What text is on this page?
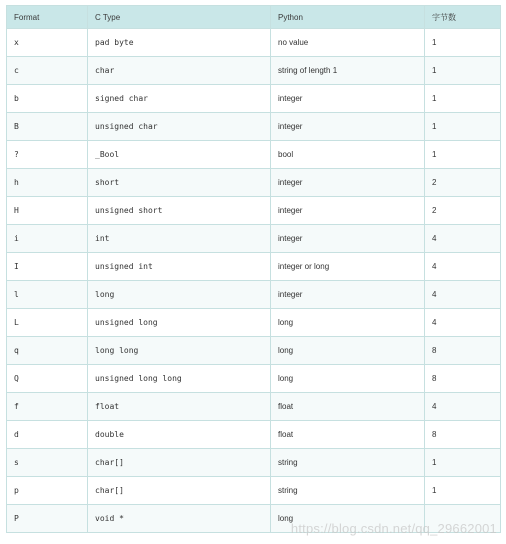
Format	C Type	Python	字节数
x	pad byte	no value	1
c	char	string of length 1	1
b	signed char	integer	1
B	unsigned char	integer	1
?	_Bool	bool	1
h	short	integer	2
H	unsigned short	integer	2
i	int	integer	4
I	unsigned int	integer or long	4
l	long	integer	4
L	unsigned long	long	4
q	long long	long	8
Q	unsigned long long	long	8
f	float	float	4
d	double	float	8
s	char[]	string	1
p	char[]	string	1
P	void *	long	
https://blog.csdn.net/qq_29662001
